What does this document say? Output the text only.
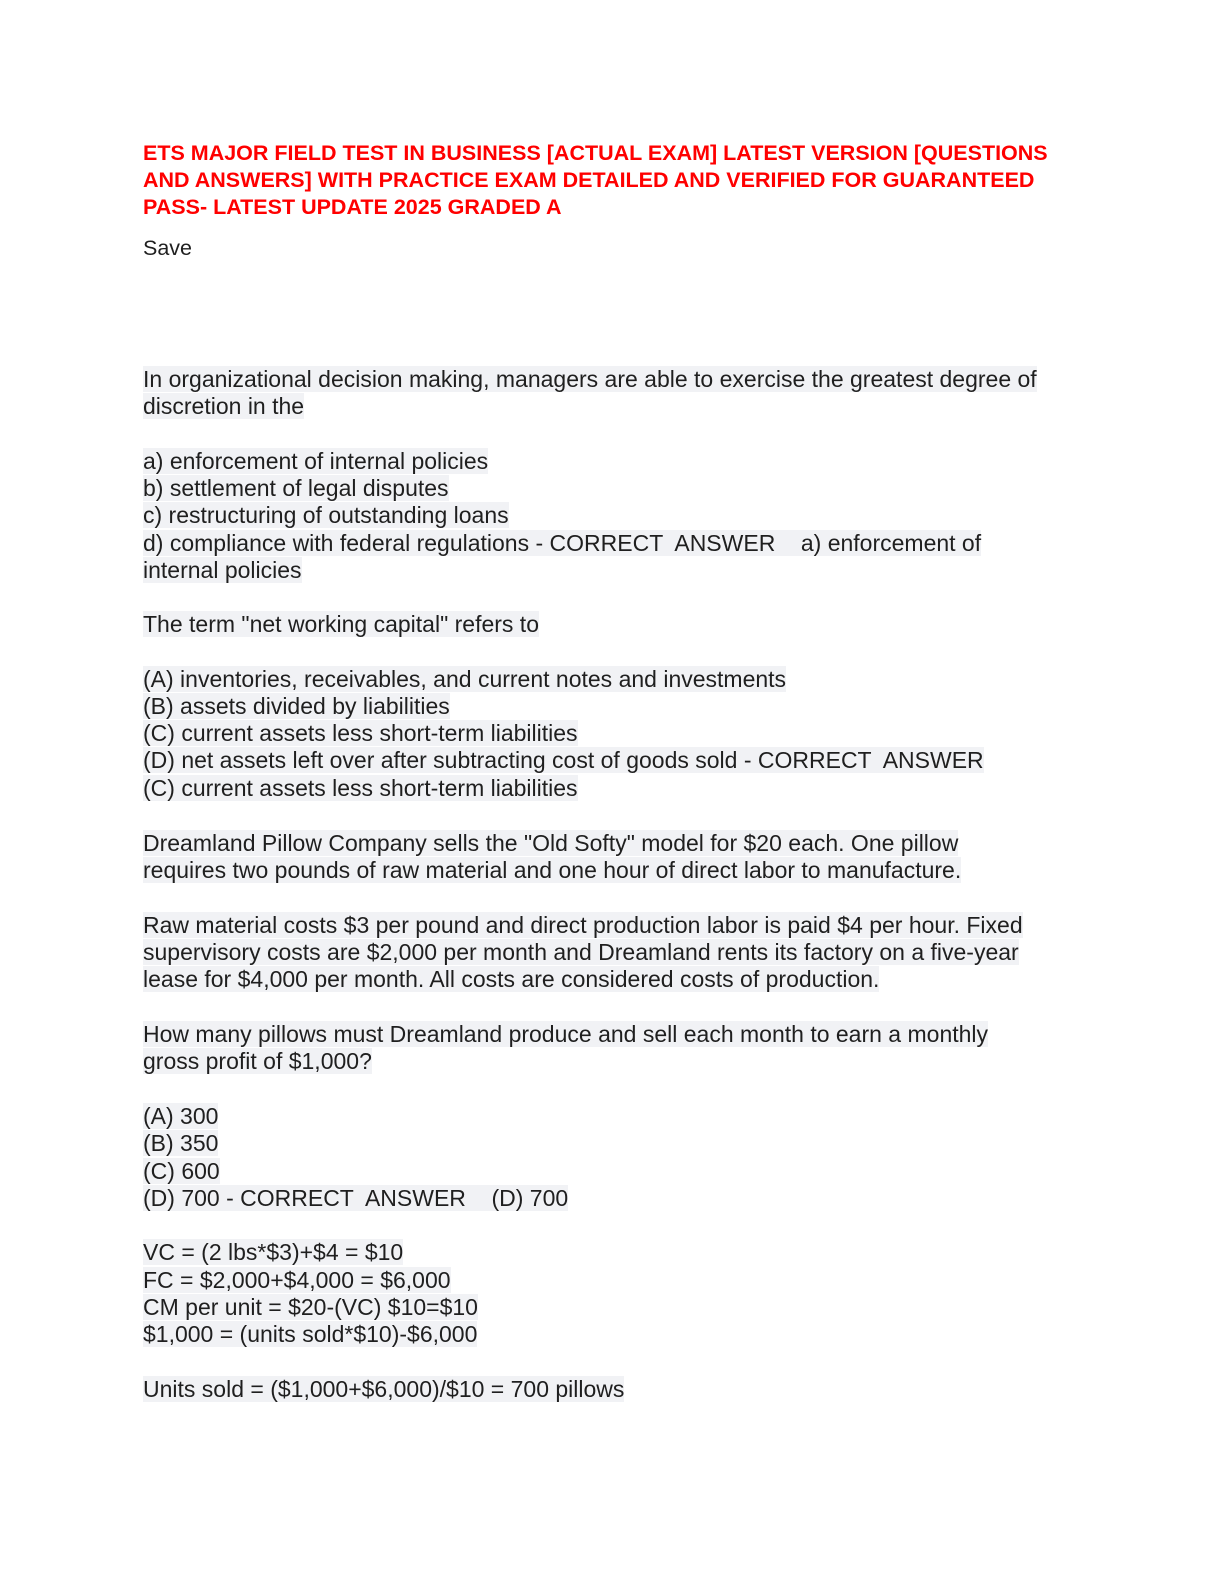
ETS MAJOR FIELD TEST IN BUSINESS [ACTUAL EXAM] LATEST VERSION [QUESTIONS
AND ANSWERS] WITH PRACTICE EXAM DETAILED AND VERIFIED FOR GUARANTEED
PASS- LATEST UPDATE 2025 GRADED A
Save
In organizational decision making, managers are able to exercise the greatest degree of
discretion in the
a) enforcement of internal policies
b) settlement of legal disputes
c) restructuring of outstanding loans
d) compliance with federal regulations - CORRECT  ANSWER    a) enforcement of
internal policies
The term "net working capital" refers to
(A) inventories, receivables, and current notes and investments
(B) assets divided by liabilities
(C) current assets less short-term liabilities
(D) net assets left over after subtracting cost of goods sold - CORRECT  ANSWER
(C) current assets less short-term liabilities
Dreamland Pillow Company sells the "Old Softy" model for $20 each. One pillow
requires two pounds of raw material and one hour of direct labor to manufacture.
Raw material costs $3 per pound and direct production labor is paid $4 per hour. Fixed
supervisory costs are $2,000 per month and Dreamland rents its factory on a five-year
lease for $4,000 per month. All costs are considered costs of production.
How many pillows must Dreamland produce and sell each month to earn a monthly
gross profit of $1,000?
(A) 300
(B) 350
(C) 600
(D) 700 - CORRECT  ANSWER    (D) 700
VC = (2 lbs*$3)+$4 = $10
FC = $2,000+$4,000 = $6,000
CM per unit = $20-(VC) $10=$10
$1,000 = (units sold*$10)-$6,000
Units sold = ($1,000+$6,000)/$10 = 700 pillows
